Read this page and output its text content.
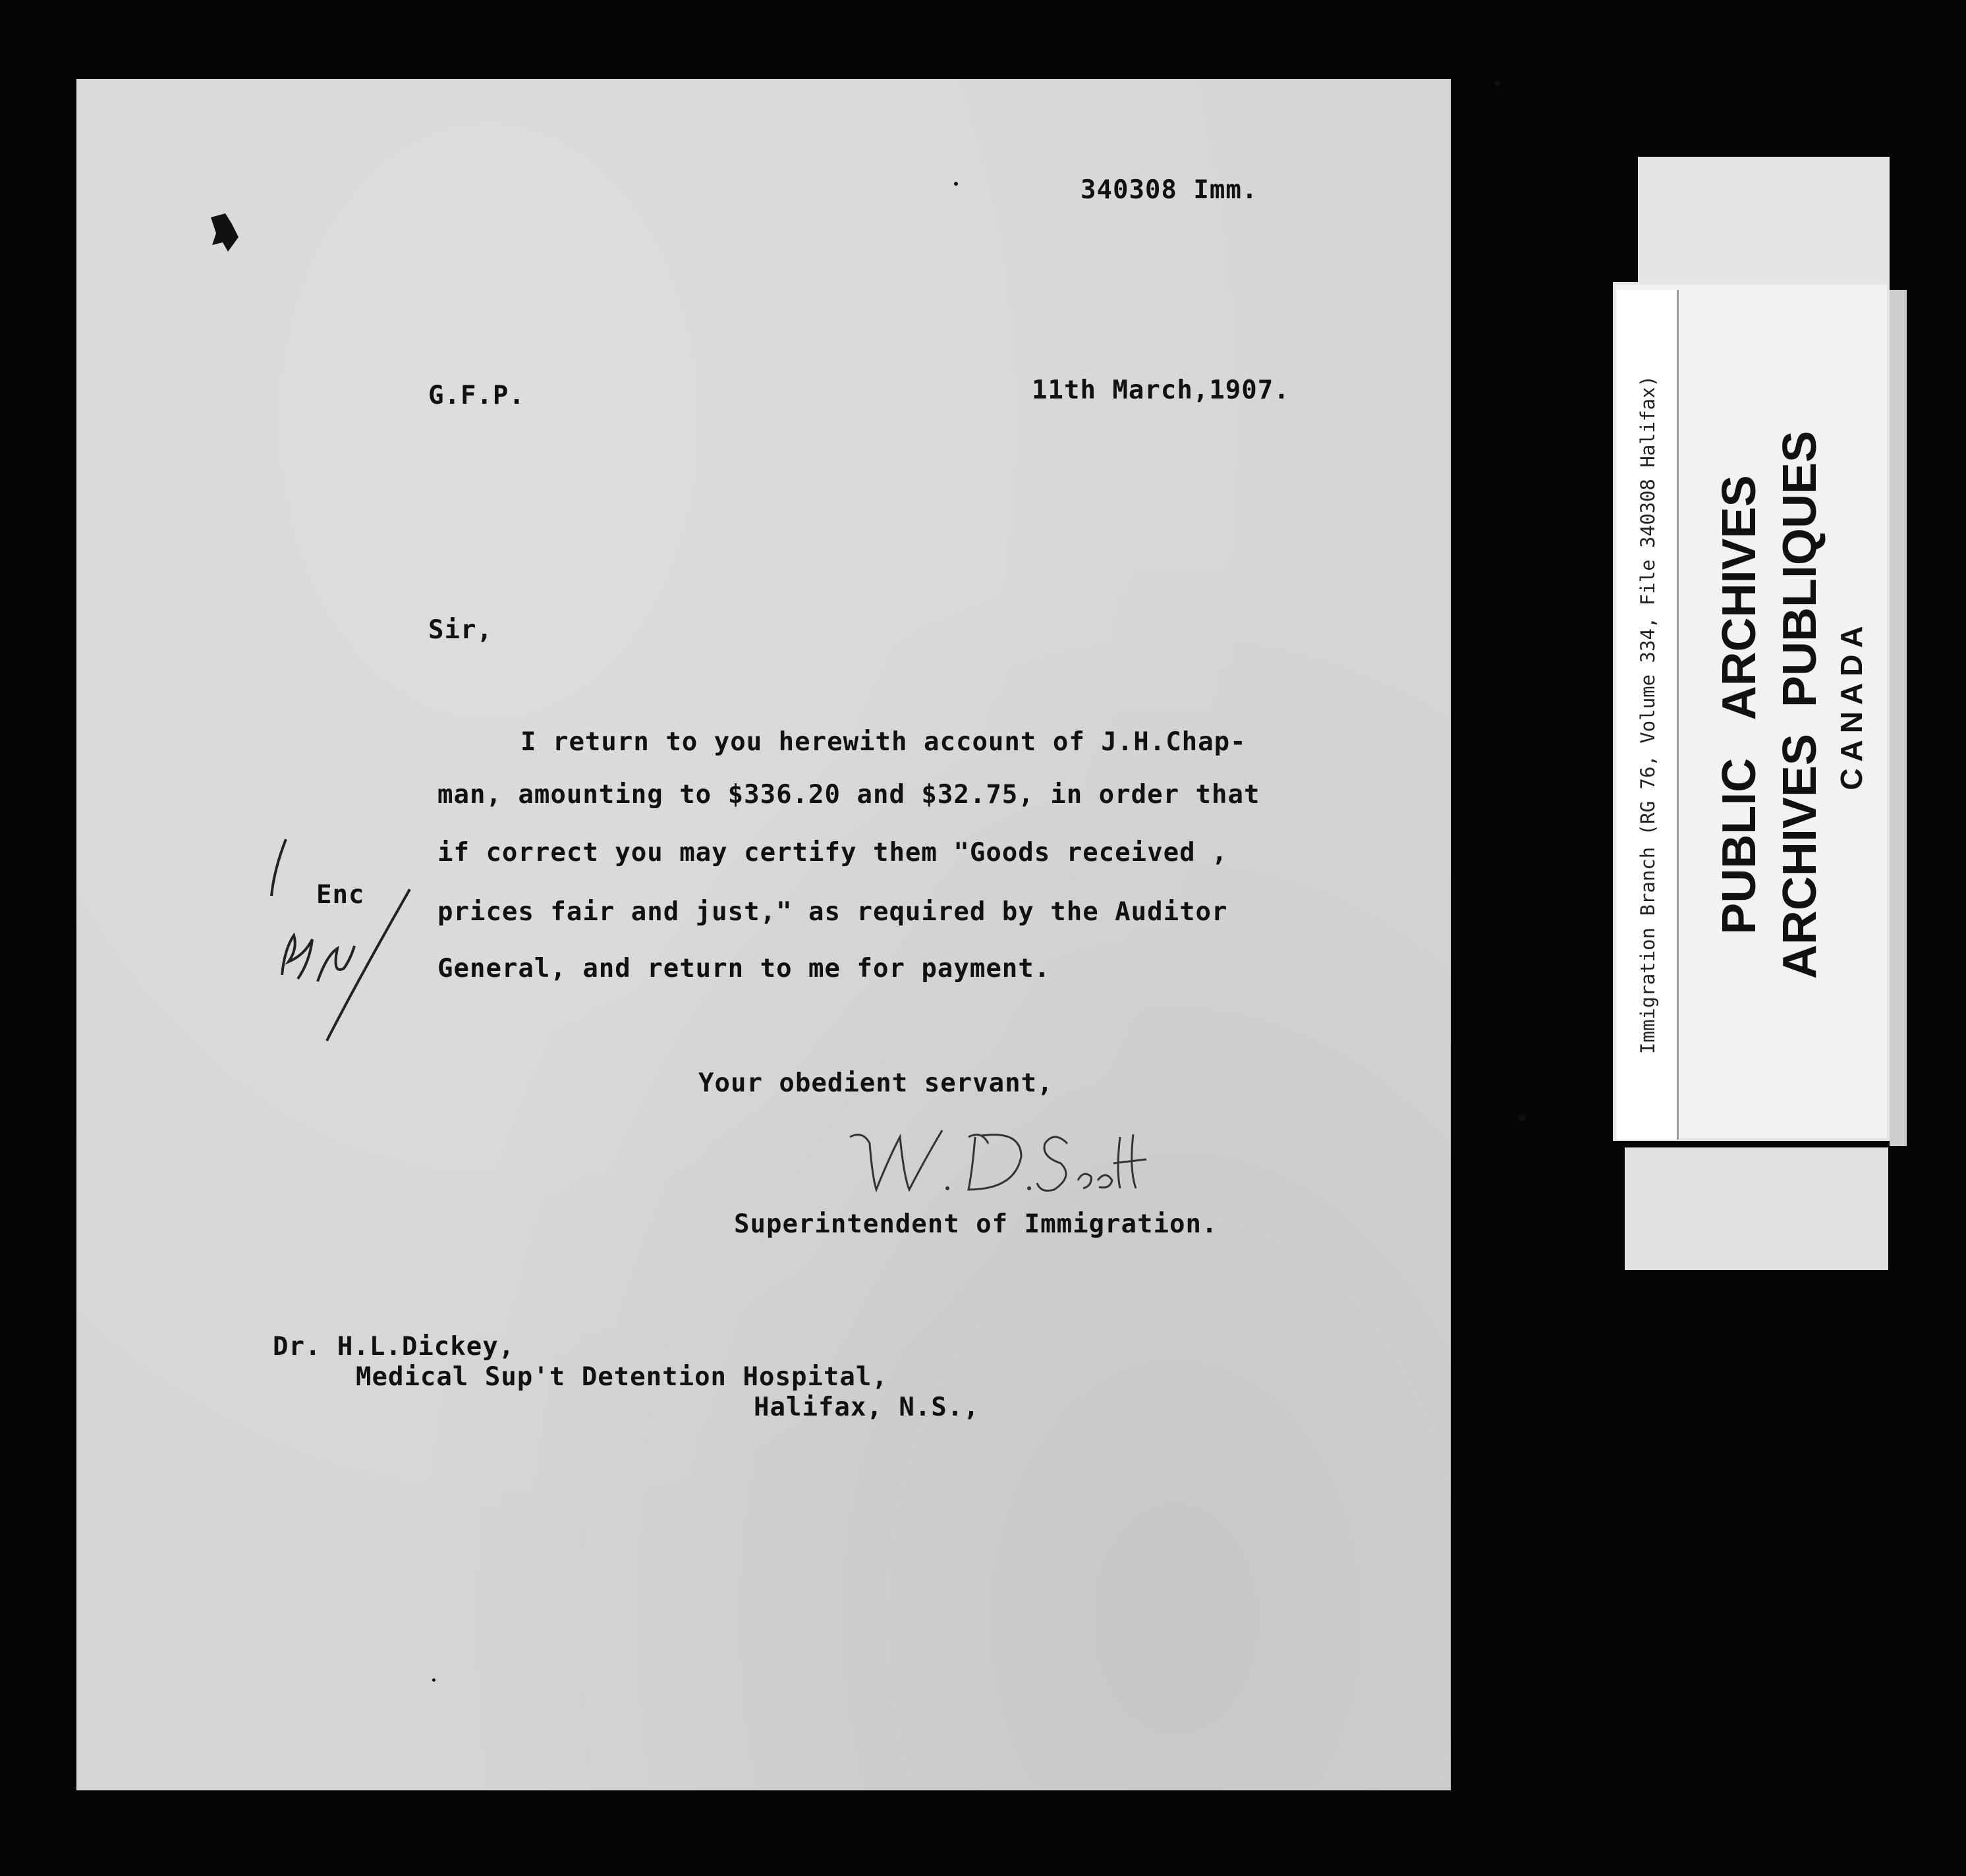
340308 Imm.
G.F.P.	11th March,1907.
Sir,
I return to you herewith account of J.H.Chap-
man, amounting to $336.20 and $32.75, in order that
if correct you may certify them "Goods received ,
prices fair and just," as required by the Auditor
General, and return to me for payment.
Enc
Your obedient servant,
Superintendent of Immigration.
Dr. H.L.Dickey,
Medical Sup't Detention Hospital,
Halifax, N.S.,
Immigration Branch (RG 76, Volume 334, File 340308 Halifax) PUBLIC   ARCHIVES ARCHIVES  PUBLIQUES CANADA
